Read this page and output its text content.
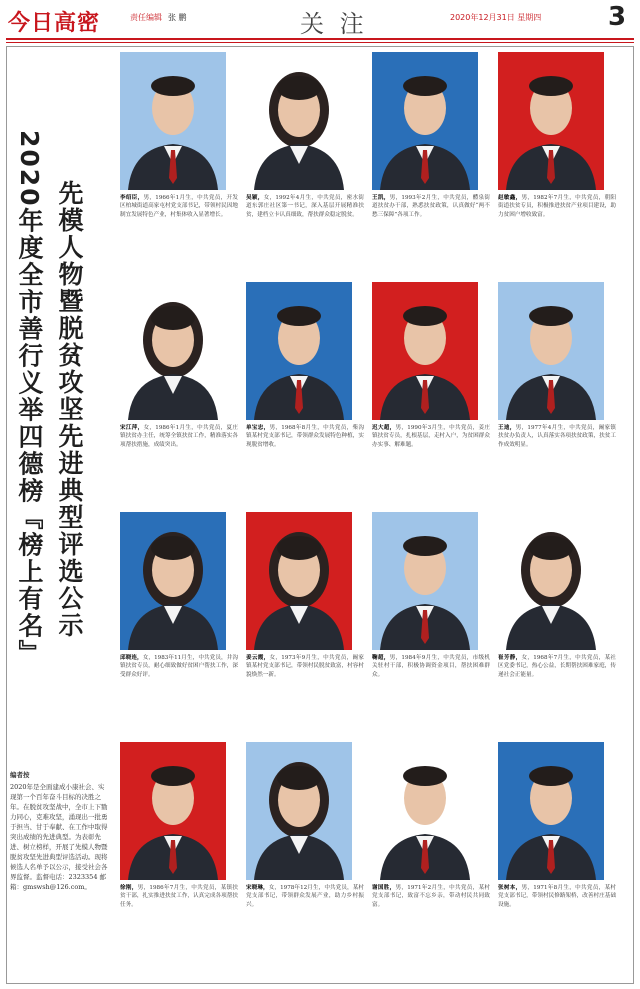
今日高密	责任编辑 张 鹏	关 注	2020年12月31日 星期四	3
先模人物暨脱贫攻坚先进典型评选公示
2020年度全市善行义举四德榜『榜上有名』
编者按
2020年是全面建成小康社会、实现第一个百年奋斗目标的决胜之年。在脱贫攻坚战中，全市上下勠力同心，克难攻坚，涌现出一批勇于担当、甘于奉献、在工作中取得突出成绩的先进典型。为表彰先进、树立榜样，开展了先模人物暨脱贫攻坚先进典型评选活动。现将候选人名单予以公示，接受社会各界监督。监督电话：2323354 邮箱：gmswsh@126.com。
李绍臣，男，1966年1月生，中共党员，开发区柏城街道高家屯村党支部书记，带领村民因地制宜发展特色产业，村集体收入显著增长。
吴颖，女，1992年4月生，中共党员，密水街道东郭庄社区第一书记，深入基层开展精准扶贫，建档立卡认真细致，帮扶群众稳定脱贫。
王凯，男，1993年2月生，中共党员，醴泉街道扶贫办干部，熟悉扶贫政策，认真做好“两不愁三保障”各项工作。
赵敏鑫，男，1982年7月生，中共党员，朝阳街道扶贫专员，积极推进扶贫产业项目建设，助力贫困户增收致富。
宋江萍，女，1986年1月生，中共党员，夏庄镇扶贫办主任，统筹全镇扶贫工作，精准落实各项帮扶措施，成绩突出。
单宝忠，男，1968年8月生，中共党员，柴沟镇某村党支部书记，带领群众发展特色种植，实现脱贫增收。
迟大超，男，1990年3月生，中共党员，姜庄镇扶贫专员，扎根基层，走村入户，为贫困群众办实事、解难题。
王迪，男，1977年4月生，中共党员，阚家镇扶贫办负责人，认真落实各项扶贫政策，扶贫工作成效明显。
邱晓连，女，1983年11月生，中共党员，井沟镇扶贫专员，耐心细致做好贫困户帮扶工作，深受群众好评。
姜云霞，女，1973年9月生，中共党员，阚家镇某村党支部书记，带领村民脱贫致富，村容村貌焕然一新。
鞠超，男，1984年9月生，中共党员，市级机关驻村干部，积极协调资金项目，帮扶困难群众。
崔芳静，女，1968年7月生，中共党员，某社区党委书记，热心公益，长期帮扶困难家庭，传递社会正能量。
徐刚，男，1986年7月生，中共党员，某镇扶贫干部，扎实推进扶贫工作，认真完成各项帮扶任务。
宋晓琳，女，1978年12月生，中共党员，某村党支部书记，带领群众发展产业，助力乡村振兴。
谢国胜，男，1971年2月生，中共党员，某村党支部书记，致富不忘乡亲，带动村民共同致富。
张树本，男，1971年8月生，中共党员，某村党支部书记，带领村民修路架桥，改善村庄基础设施。
